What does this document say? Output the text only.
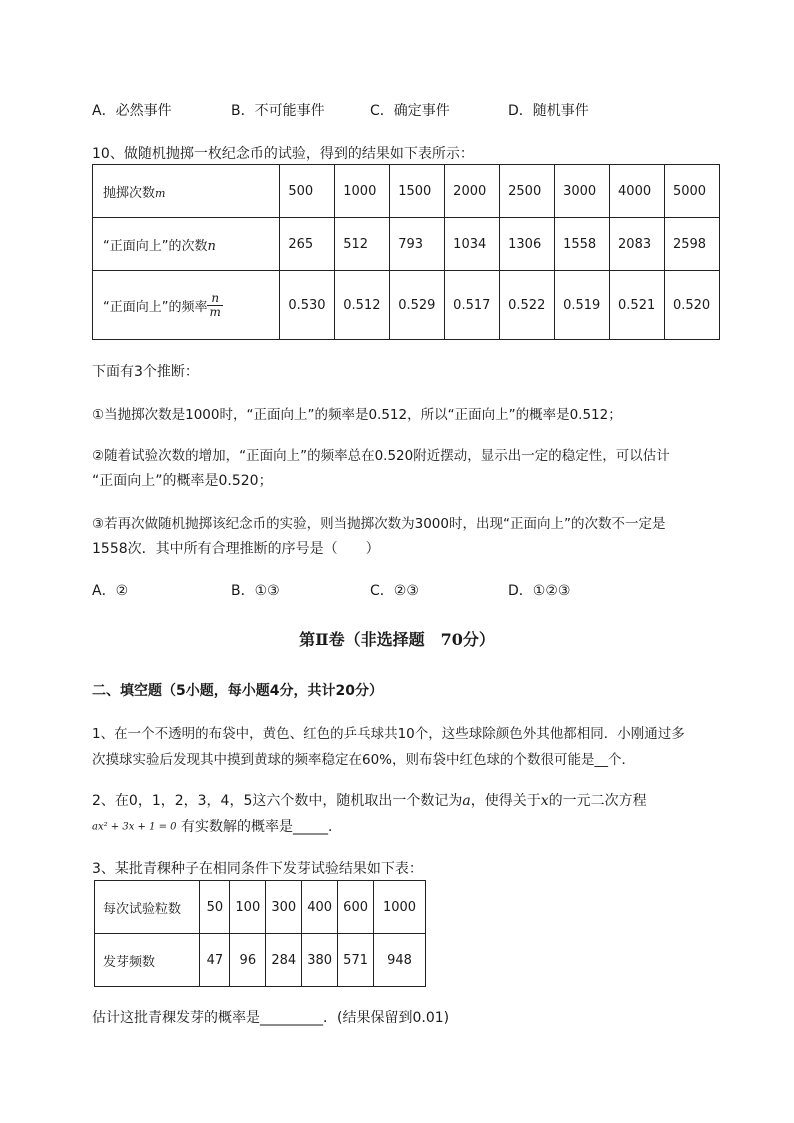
A．必然事件	B．不可能事件	C．确定事件	D．随机事件
10、做随机抛掷一枚纪念币的试验，得到的结果如下表所示：
抛掷次数m	500	1000	1500	2000	2500	3000	4000	5000
“正面向上”的次数n	265	512	793	1034	1306	1558	2083	2598
“正面向上”的频率 $\frac{n}{m}$	0.530	0.512	0.529	0.517	0.522	0.519	0.521	0.520
下面有3个推断：
①当抛掷次数是1000时，“正面向上”的频率是0.512，所以“正面向上”的概率是0.512；
②随着试验次数的增加，“正面向上”的频率总在0.520附近摆动，显示出一定的稳定性，可以估计
“正面向上”的概率是0.520；
③若再次做随机抛掷该纪念币的实验，则当抛掷次数为3000时，出现“正面向上”的次数不一定是
1558次．其中所有合理推断的序号是（　　）
A．②	B．①③	C．②③	D．①②③
第Ⅱ卷（非选择题　70分）
二、填空题（5小题，每小题4分，共计20分）
1、在一个不透明的布袋中，黄色、红色的乒乓球共10个，这些球除颜色外其他都相同．小刚通过多
次摸球实验后发现其中摸到黄球的频率稳定在60%，则布袋中红色球的个数很可能是__个．
2、在0，1，2，3，4，5这六个数中，随机取出一个数记为a，使得关于x的一元二次方程
ax² + 3x + 1 = 0 有实数解的概率是_____．
3、某批青稞种子在相同条件下发芽试验结果如下表：
每次试验粒数	50	100	300	400	600	1000
发芽频数	47	96	284	380	571	948
估计这批青稞发芽的概率是_________．(结果保留到0.01)
